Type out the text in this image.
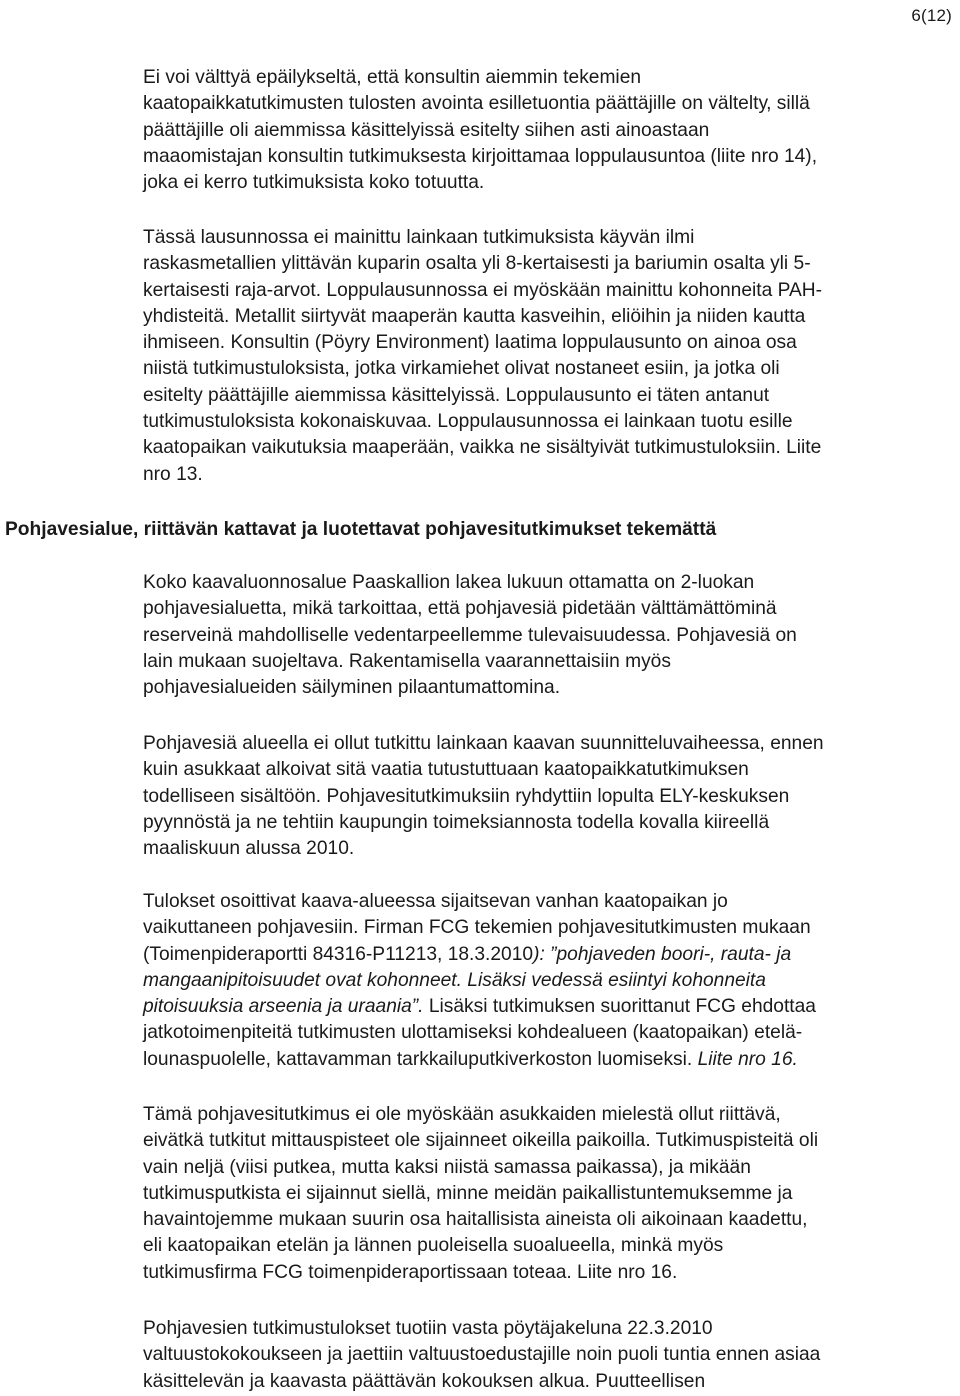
6(12)

Ei voi välttyä epäilykseltä, että konsultin aiemmin tekemien
kaatopaikkatutkimusten tulosten avointa esilletuontia päättäjille on välteltу, sillä
päättäjille oli aiemmissa käsittelyissä esitelty siihen asti ainoastaan
maaomistajan konsultin tutkimuksesta kirjoittamaa loppulausuntoa (liite nro 14),
joka ei kerro tutkimuksista koko totuutta.

Tässä lausunnossa ei mainittu lainkaan tutkimuksista käyvän ilmi
raskasmetallien ylittävän kuparin osalta yli 8-kertaisesti ja bariumin osalta yli 5-
kertaisesti raja-arvot. Loppulausunnossa ei myöskään mainittu kohonneita PAH-
yhdisteitä. Metallit siirtyvät maaperän kautta kasveihin, eliöihin ja niiden kautta
ihmiseen. Konsultin (Pöyry Environment) laatima loppulausunto on ainoa osa
niistä tutkimustuloksista, jotka virkamiehet olivat nostaneet esiin, ja jotka oli
esitelty päättäjille aiemmissa käsittelyissä. Loppulausunto ei täten antanut
tutkimustuloksista kokonaiskuvaa. Loppulausunnossa ei lainkaan tuotu esille
kaatopaikan vaikutuksia maaperään, vaikka ne sisältyivät tutkimustuloksiin. Liite
nro 13.

Pohjavesialue, riittävän kattavat ja luotettavat pohjavesitutkimukset tekemättä

Koko kaavaluonnosalue Paaskallion lakea lukuun ottamatta on 2-luokan
pohjavesialuetta, mikä tarkoittaa, että pohjavesiä pidetään välttämättöminä
reserveinä mahdolliselle vedentarpeellemme tulevaisuudessa. Pohjavesiä on
lain mukaan suojeltava. Rakentamisella vaarannettaisiin myös
pohjavesialueiden säilyminen pilaantumattomina.

Pohjavesiä alueella ei ollut tutkittu lainkaan kaavan suunnitteluvaiheessa, ennen
kuin asukkaat alkoivat sitä vaatia tutustuttuaan kaatopaikkatutkimuksen
todelliseen sisältöön. Pohjavesitutkimuksiin ryhdyttiin lopulta ELY-keskuksen
pyynnöstä ja ne tehtiin kaupungin toimeksiannosta todella kovalla kiireellä
maaliskuun alussa 2010.

Tulokset osoittivat kaava-alueessa sijaitsevan vanhan kaatopaikan jo
vaikuttaneen pohjavesiin. Firman FCG tekemien pohjavesitutkimusten mukaan
(Toimenpideraportti 84316-P11213, 18.3.2010): ”pohjaveden boori-, rauta- ja
mangaanipitoisuudet ovat kohonneet. Lisäksi vedessä esiintyi kohonneita
pitoisuuksia arseenia ja uraania”. Lisäksi tutkimuksen suorittanut FCG ehdottaa
jatkotoimenpiteitä tutkimusten ulottamiseksi kohdealueen (kaatopaikan) etelä-
lounaspuolelle, kattavamman tarkkailuputkiverkoston luomiseksi. Liite nro 16.

Tämä pohjavesitutkimus ei ole myöskään asukkaiden mielestä ollut riittävä,
eivätkä tutkitut mittauspisteet ole sijainneet oikeilla paikoilla. Tutkimuspisteitä oli
vain neljä (viisi putkea, mutta kaksi niistä samassa paikassa), ja mikään
tutkimusputkista ei sijainnut siellä, minne meidän paikallistuntemuksemme ja
havaintojemme mukaan suurin osa haitallisista aineista oli aikoinaan kaadettu,
eli kaatopaikan etelän ja lännen puoleisella suoalueella, minkä myös
tutkimusfirma FCG toimenpideraportissaan toteaa. Liite nro 16.

Pohjavesien tutkimustulokset tuotiin vasta pöytäjakeluna 22.3.2010
valtuustokokoukseen ja jaettiin valtuustoedustajille noin puoli tuntia ennen asiaa
käsittelevän ja kaavasta päättävän kokouksen alkua. Puutteellisen
